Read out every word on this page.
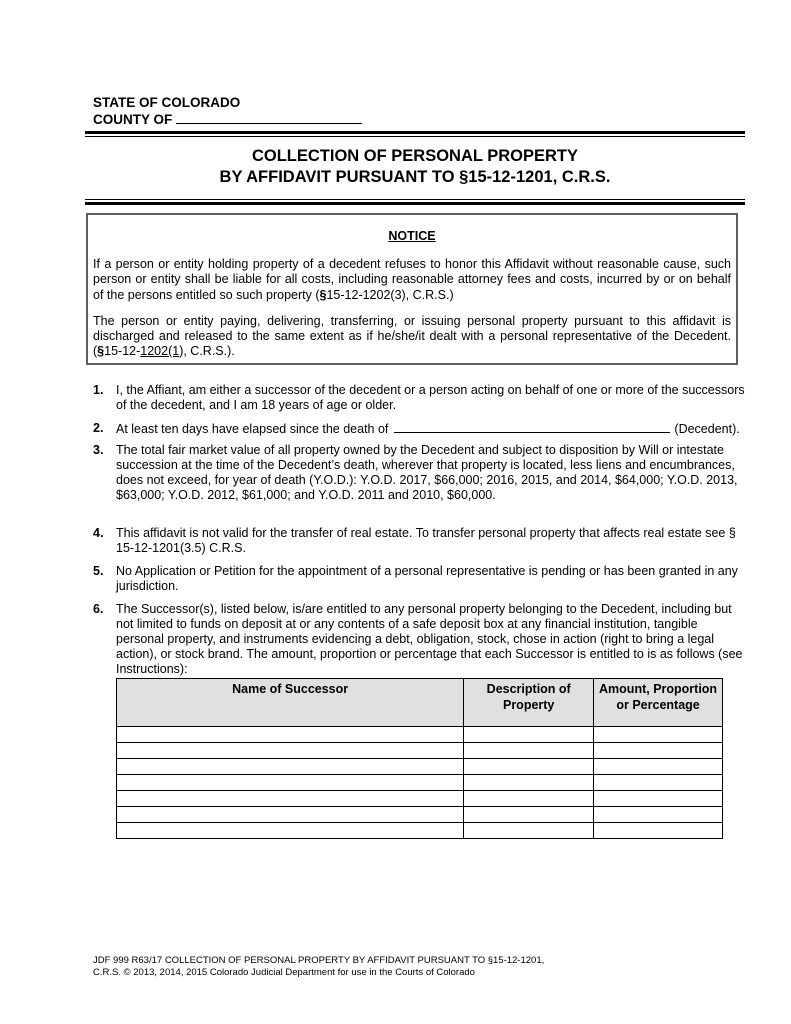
STATE OF COLORADO
COUNTY OF
COLLECTION OF PERSONAL PROPERTY
BY AFFIDAVIT PURSUANT TO §15-12-1201, C.R.S.
NOTICE

If a person or entity holding property of a decedent refuses to honor this Affidavit without reasonable cause, such person or entity shall be liable for all costs, including reasonable attorney fees and costs, incurred by or on behalf of the persons entitled so such property (§15-12-1202(3), C.R.S.)

The person or entity paying, delivering, transferring, or issuing personal property pursuant to this affidavit is discharged and released to the same extent as if he/she/it dealt with a personal representative of the Decedent. (§15-12-1202(1), C.R.S.).

1. I, the Affiant, am either a successor of the decedent or a person acting on behalf of one or more of the successors of the decedent, and I am 18 years of age or older.
2. At least ten days have elapsed since the death of	(Decedent).
3. The total fair market value of all property owned by the Decedent and subject to disposition by Will or intestate succession at the time of the Decedent’s death, wherever that property is located, less liens and encumbrances, does not exceed, for year of death (Y.O.D.): Y.O.D. 2017, $66,000; 2016, 2015, and 2014, $64,000; Y.O.D. 2013, $63,000; Y.O.D. 2012, $61,000; and Y.O.D. 2011 and 2010, $60,000.
4. This affidavit is not valid for the transfer of real estate. To transfer personal property that affects real estate see § 15-12-1201(3.5) C.R.S.
5. No Application or Petition for the appointment of a personal representative is pending or has been granted in any jurisdiction.
6. The Successor(s), listed below, is/are entitled to any personal property belonging to the Decedent, including but not limited to funds on deposit at or any contents of a safe deposit box at any financial institution, tangible personal property, and instruments evidencing a debt, obligation, stock, chose in action (right to bring a legal action), or stock brand. The amount, proportion or percentage that each Successor is entitled to is as follows (see Instructions):
Name of Successor	Description of Property	Amount, Proportion or Percentage

JDF 999 R63/17 COLLECTION OF PERSONAL PROPERTY BY AFFIDAVIT PURSUANT TO §15-12-1201,
C.R.S. © 2013, 2014, 2015 Colorado Judicial Department for use in the Courts of Colorado
